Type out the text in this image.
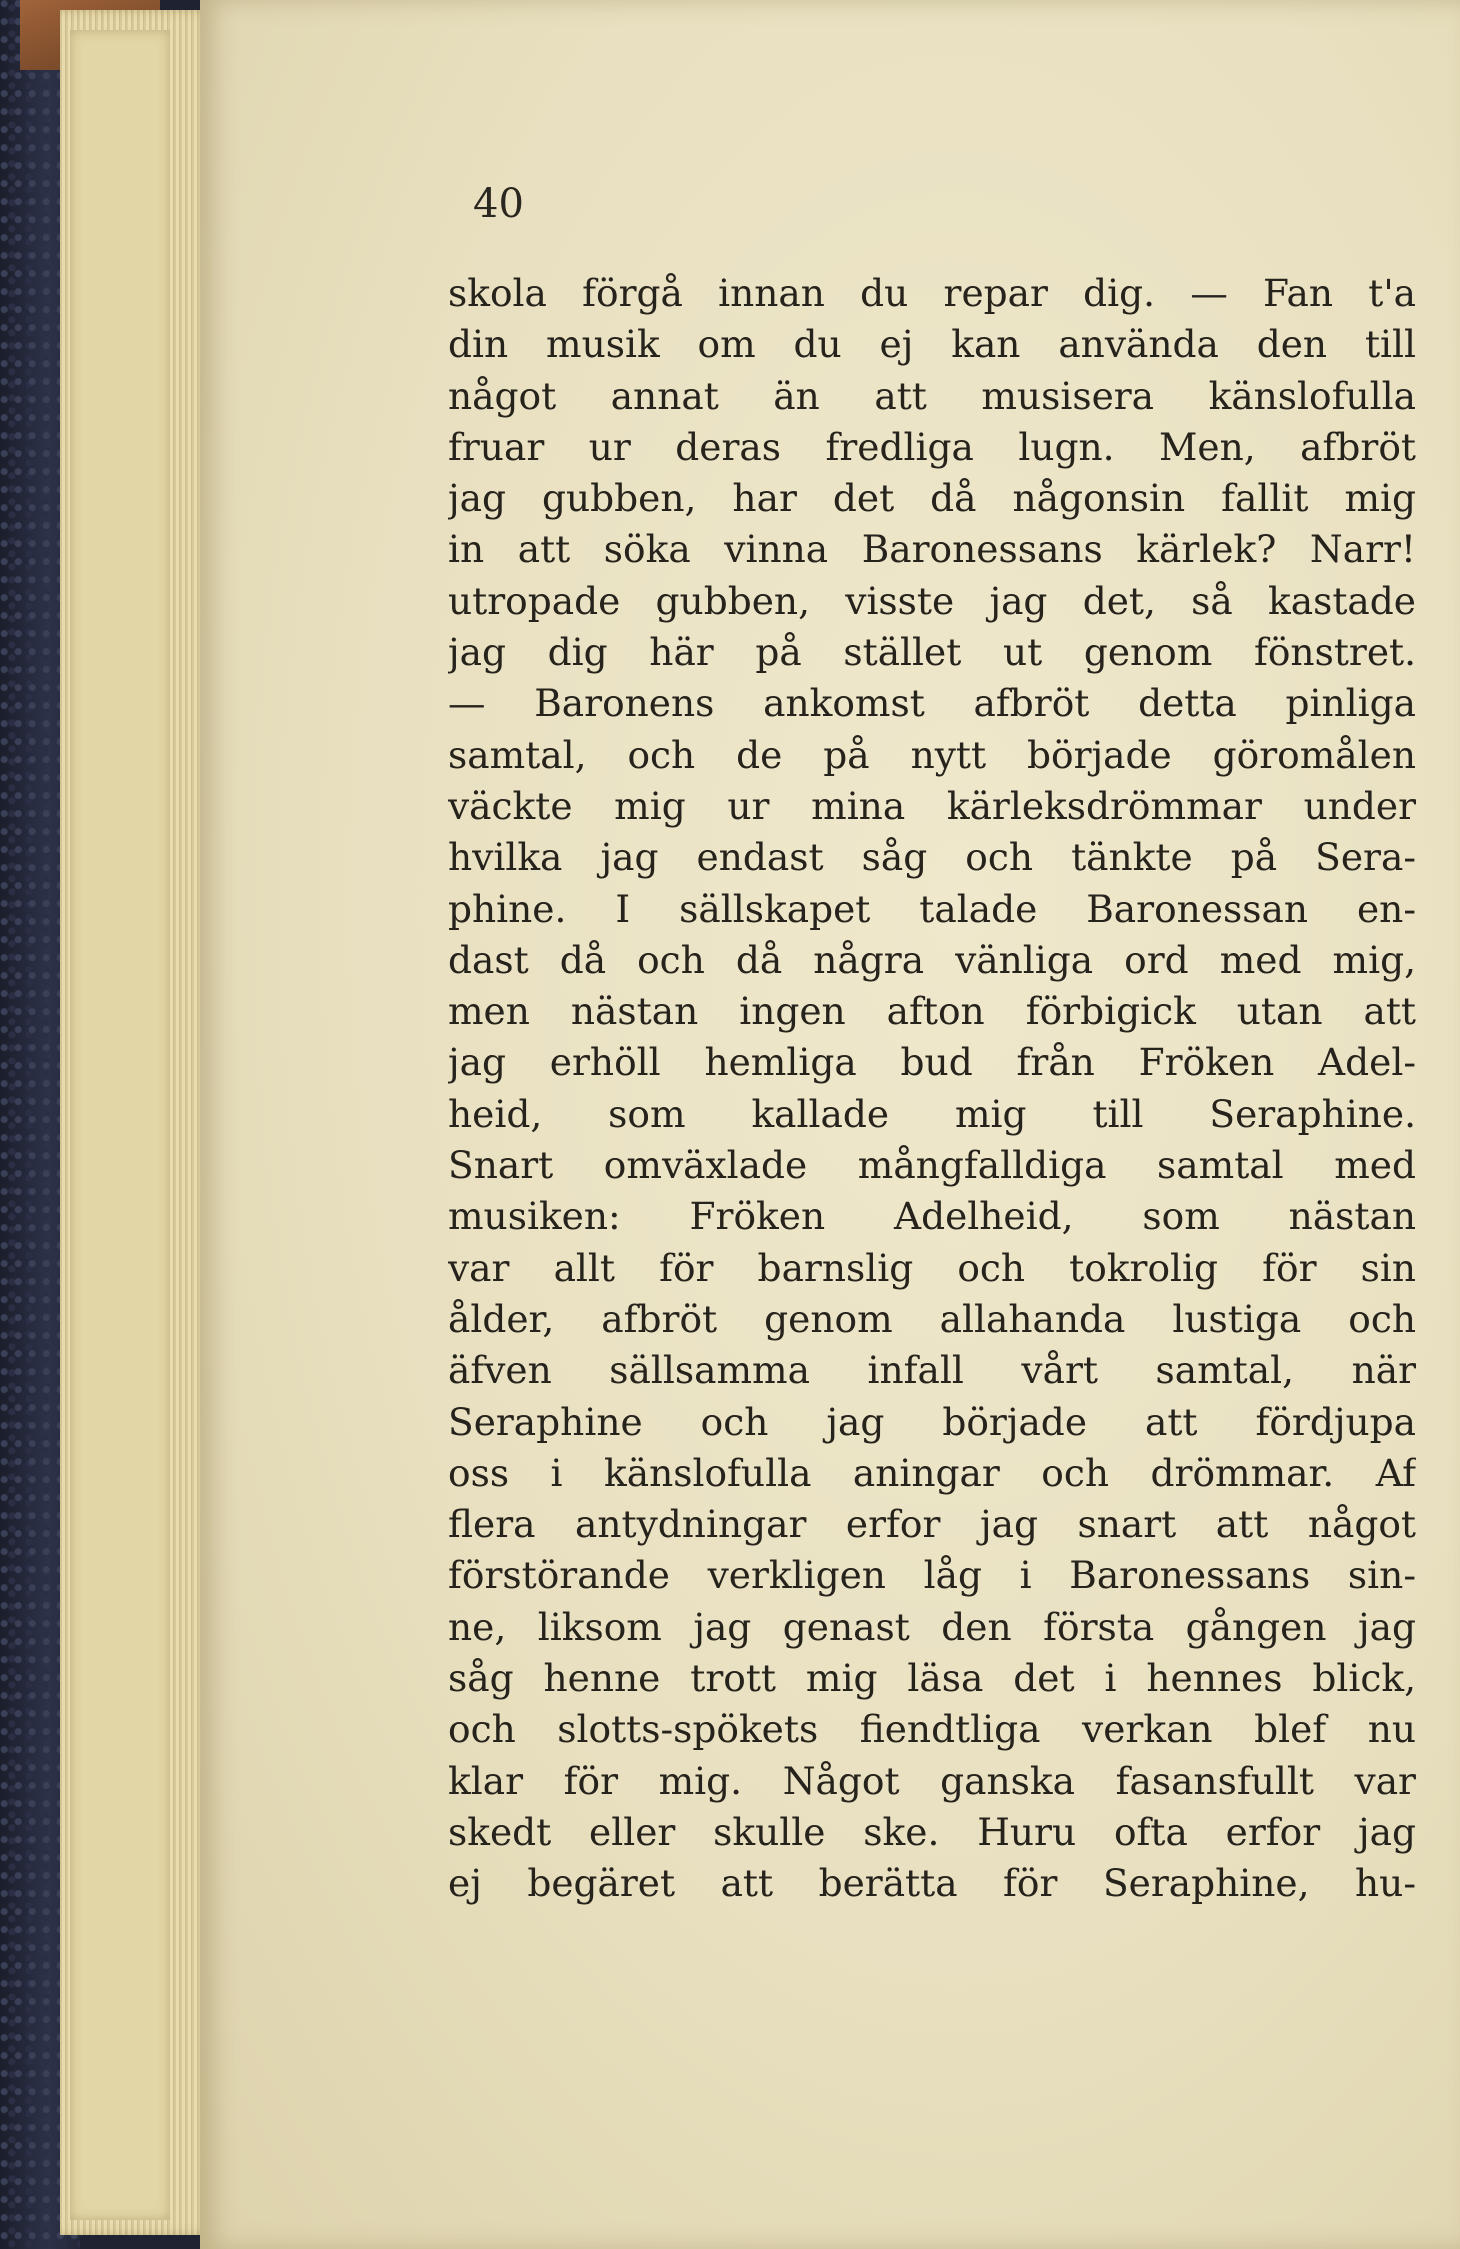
40

skola förgå innan du repar dig. — Fan t'a
din musik om du ej kan använda den till
något annat än att musisera känslofulla
fruar ur deras fredliga lugn. Men, afbröt
jag gubben, har det då någonsin fallit mig
in att söka vinna Baronessans kärlek? Narr!
utropade gubben, visste jag det, så kastade
jag dig här på stället ut genom fönstret.
— Baronens ankomst afbröt detta pinliga
samtal, och de på nytt började göromålen
väckte mig ur mina kärleksdrömmar under
hvilka jag endast såg och tänkte på Sera-
phine. I sällskapet talade Baronessan en-
dast då och då några vänliga ord med mig,
men nästan ingen afton förbigick utan att
jag erhöll hemliga bud från Fröken Adel-
heid, som kallade mig till Seraphine.
Snart omväxlade mångfalldiga samtal med
musiken: Fröken Adelheid, som nästan
var allt för barnslig och tokrolig för sin
ålder, afbröt genom allahanda lustiga och
äfven sällsamma infall vårt samtal, när
Seraphine och jag började att fördjupa
oss i känslofulla aningar och drömmar. Af
flera antydningar erfor jag snart att något
förstörande verkligen låg i Baronessans sin-
ne, liksom jag genast den första gången jag
såg henne trott mig läsa det i hennes blick,
och slotts-spökets fiendtliga verkan blef nu
klar för mig. Något ganska fasansfullt var
skedt eller skulle ske. Huru ofta erfor jag
ej begäret att berätta för Seraphine, hu-
